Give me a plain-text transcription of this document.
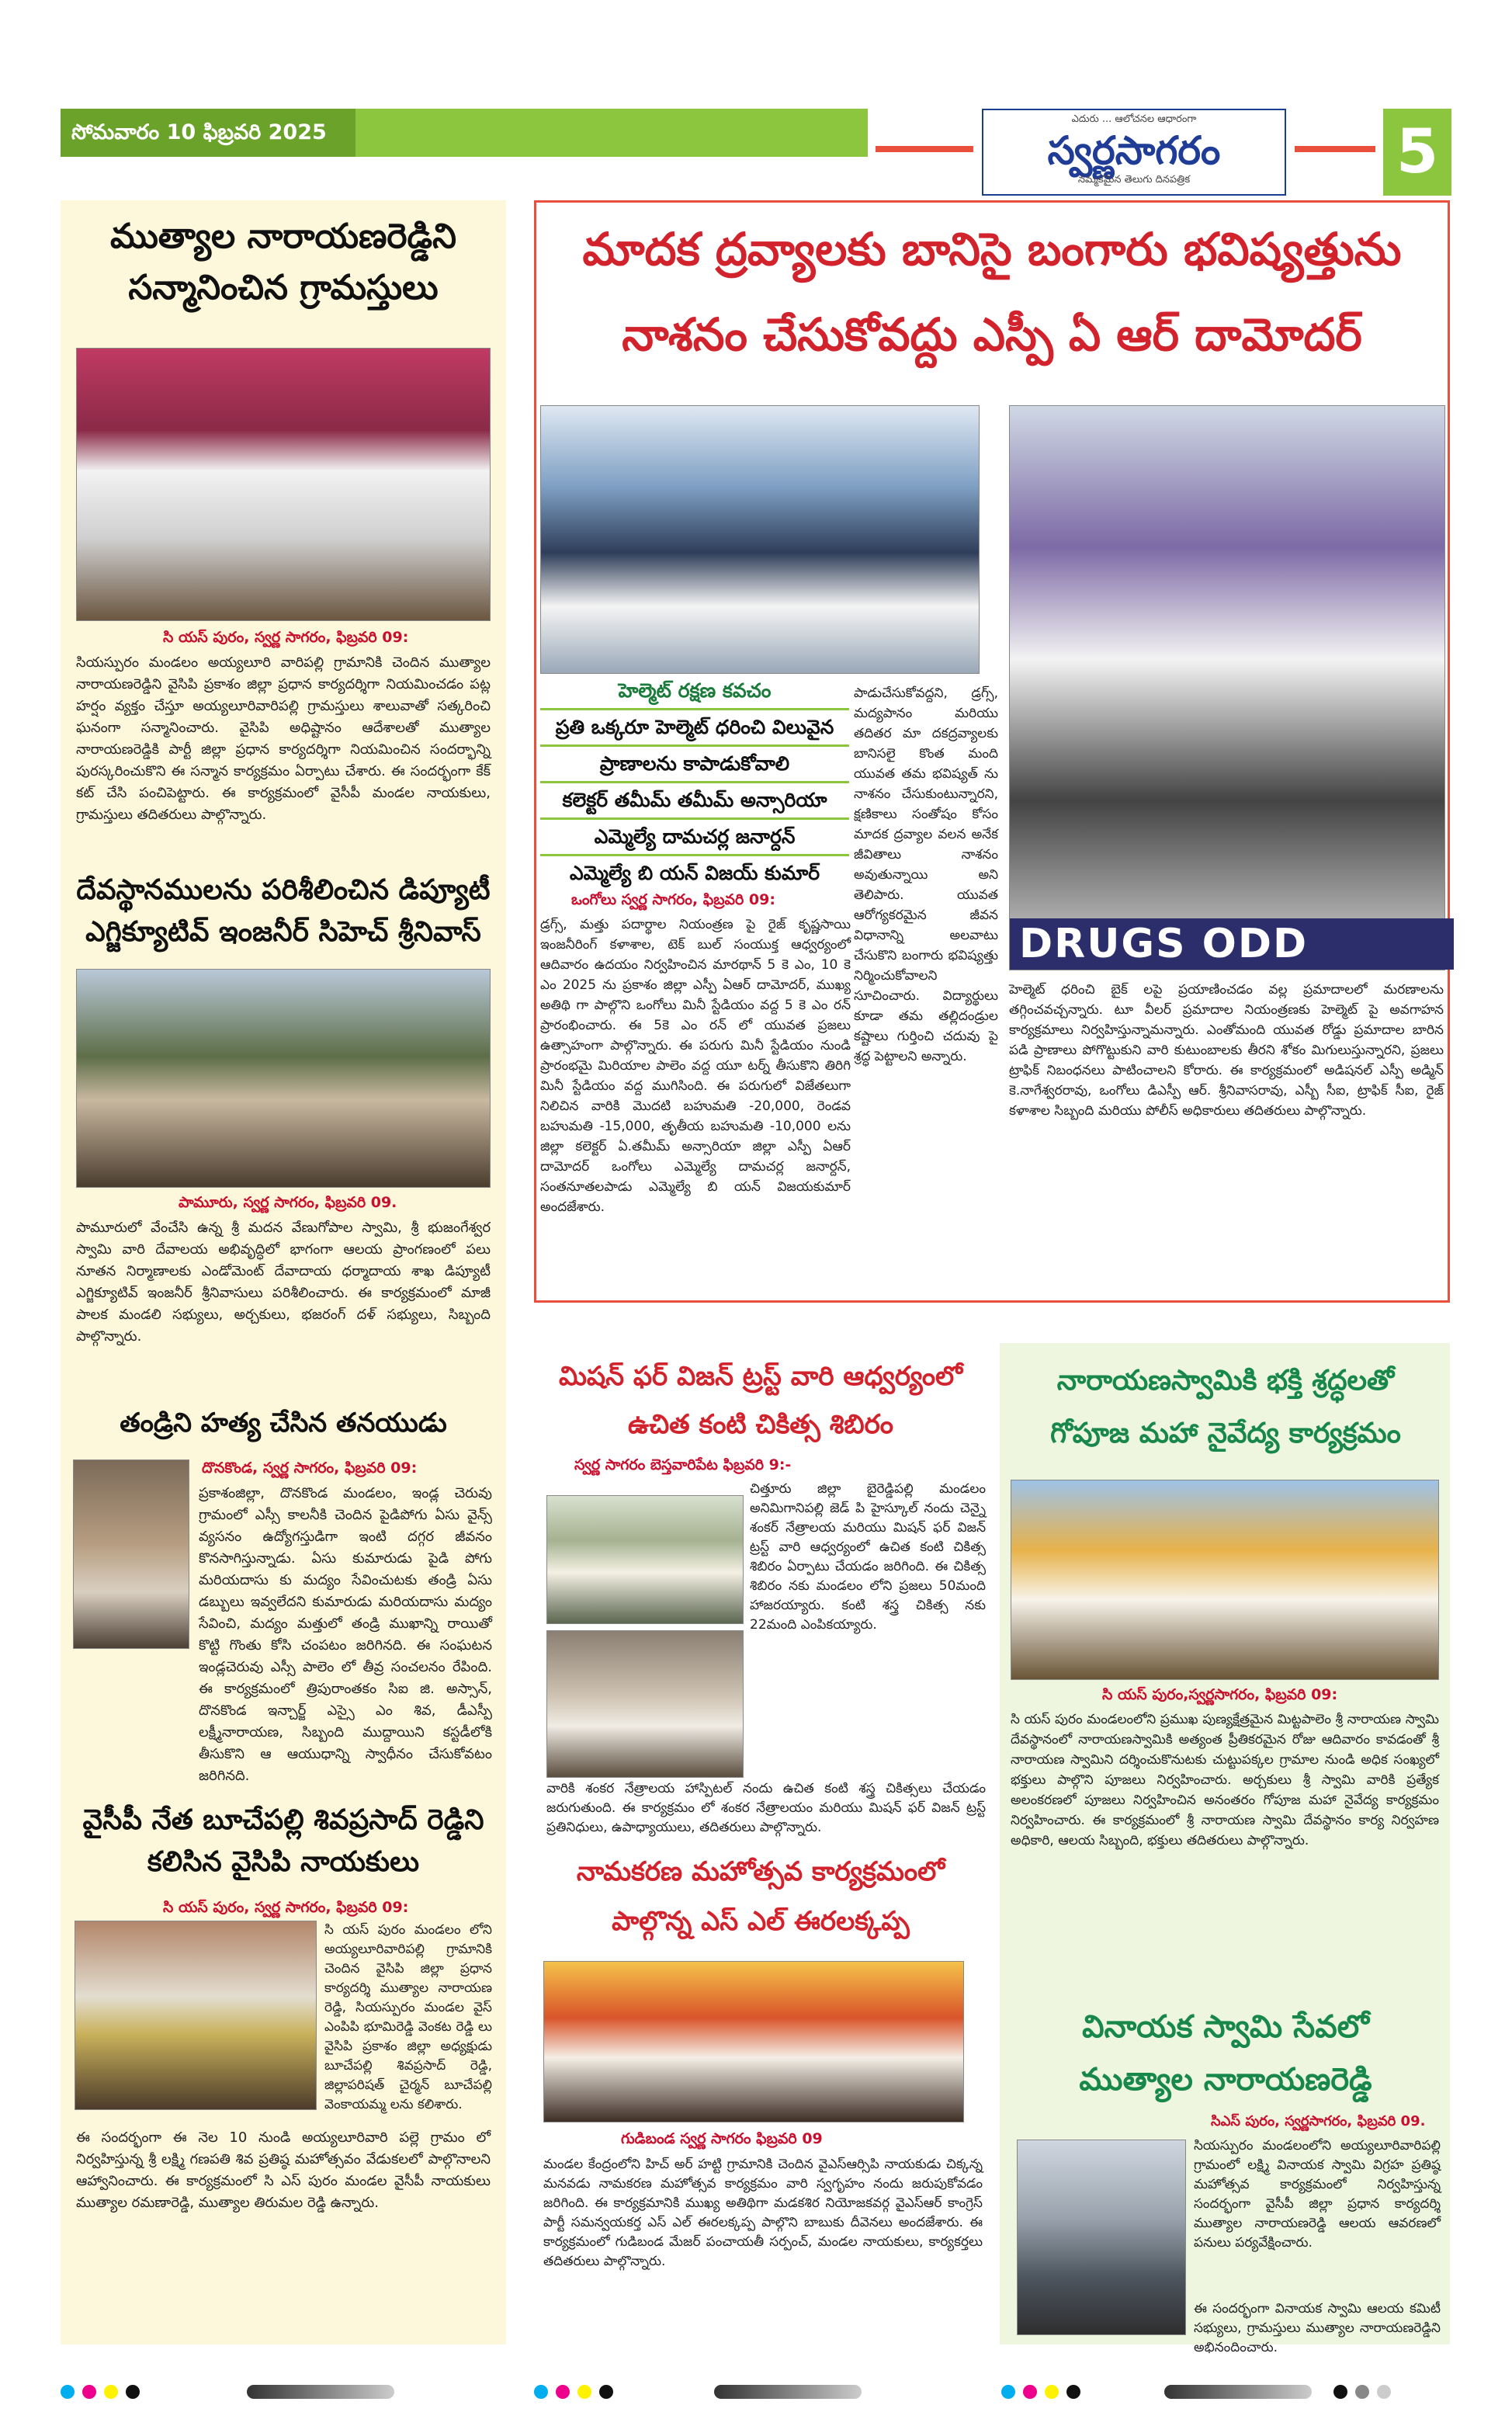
సోమవారం 10 ఫిబ్రవరి 2025
ఎదురు ... ఆలోచనల ఆధారంగా
స్వర్ణసాగరం
నమ్మకమైన తెలుగు దినపత్రిక	5
ముత్యాల నారాయణరెడ్డిని సన్మానించిన గ్రామస్తులు
సి యస్ పురం, స్వర్ణ సాగరం, ఫిబ్రవరి 09:
సియస్పురం మండలం అయ్యలూరి వారిపల్లి గ్రామానికి చెందిన ముత్యాల నారాయణరెడ్డిని వైసిపి ప్రకాశం జిల్లా ప్రధాన కార్యదర్శిగా నియమించడం పట్ల హర్షం వ్యక్తం చేస్తూ అయ్యలూరివారిపల్లి గ్రామస్తులు శాలువాతో సత్కరించి ఘనంగా సన్మానించారు. వైసిపి అధిష్టానం ఆదేశాలతో ముత్యాల నారాయణరెడ్డికి పార్టీ జిల్లా ప్రధాన కార్యదర్శిగా నియమించిన సందర్భాన్ని పురస్కరించుకొని ఈ సన్మాన కార్యక్రమం ఏర్పాటు చేశారు. ఈ సందర్భంగా కేక్ కట్ చేసి పంచిపెట్టారు. ఈ కార్యక్రమంలో వైసీపీ మండల నాయకులు, గ్రామస్తులు తదితరులు పాల్గొన్నారు.
దేవస్థానములను పరిశీలించిన డిప్యూటీ ఎగ్జిక్యూటివ్ ఇంజనీర్ సిహెచ్ శ్రీనివాస్
పామూరు, స్వర్ణ సాగరం, ఫిబ్రవరి 09.
పామూరులో వేంచేసి ఉన్న శ్రీ మదన వేణుగోపాల స్వామి, శ్రీ భుజంగేశ్వర స్వామి వారి దేవాలయ అభివృద్ధిలో భాగంగా ఆలయ ప్రాంగణంలో పలు నూతన నిర్మాణాలకు ఎండోమెంట్ దేవాదాయ ధర్మాదాయ శాఖ డిప్యూటీ ఎగ్జిక్యూటివ్ ఇంజనీర్ శ్రీనివాసులు పరిశీలించారు. ఈ కార్యక్రమంలో మాజీ పాలక మండలి సభ్యులు, అర్చకులు, భజరంగ్ దళ్ సభ్యులు, సిబ్బంది పాల్గొన్నారు.
తండ్రిని హత్య చేసిన తనయుడు
దొనకొండ, స్వర్ణ సాగరం, ఫిబ్రవరి 09:
ప్రకాశంజిల్లా, దొనకొండ మండలం, ఇండ్ల చెరువు గ్రామంలో ఎస్సీ కాలనీకి చెందిన పైడిపోగు ఏసు వైన్స్ వ్యసనం ఉద్యోగస్తుడిగా ఇంటి దగ్గర జీవనం కొనసాగిస్తున్నాడు. ఏసు కుమారుడు పైడి పోగు మరియదాసు కు మద్యం సేవించుటకు తండ్రి ఏసు డబ్బులు ఇవ్వలేదని కుమారుడు మరియదాసు మద్యం సేవించి, మద్యం మత్తులో తండ్రి ముఖాన్ని రాయితో కొట్టి గొంతు కోసి చంపటం జరిగినది. ఈ సంఘటన ఇండ్లచెరువు ఎస్సీ పాలెం లో తీవ్ర సంచలనం రేపింది. ఈ కార్యక్రమంలో త్రిపురాంతకం సిఐ జి. అస్సాన్, దొనకొండ ఇన్చార్జ్ ఎస్సై ఎం శివ, డీఎస్పీ లక్ష్మీనారాయణ, సిబ్బంది ముద్దాయిని కస్టడీలోకి తీసుకొని ఆ ఆయుధాన్ని స్వాధీనం చేసుకోవటం జరిగినది.
వైసీపీ నేత బూచేపల్లి శివప్రసాద్ రెడ్డిని కలిసిన వైసిపి నాయకులు
సి యస్ పురం, స్వర్ణ సాగరం, ఫిబ్రవరి 09:
సి యస్ పురం మండలం లోని అయ్యలూరివారిపల్లి గ్రామానికి చెందిన వైసిపి జిల్లా ప్రధాన కార్యదర్శి ముత్యాల నారాయణ రెడ్డి, సియస్పురం మండల వైస్ ఎంపిపి భూమిరెడ్డి వెంకట రెడ్డి లు వైసిపి ప్రకాశం జిల్లా అధ్యక్షుడు బూచేపల్లి శివప్రసాద్ రెడ్డి, జిల్లాపరిషత్ చైర్మన్ బూచేపల్లి వెంకాయమ్మ లను కలిశారు.
ఈ సందర్భంగా ఈ నెల 10 నుండి అయ్యలూరివారి పల్లె గ్రామం లో నిర్వహిస్తున్న శ్రీ లక్ష్మి గణపతి శివ ప్రతిష్ఠ మహోత్సవం వేడుకలలో పాల్గొనాలని ఆహ్వానించారు. ఈ కార్యక్రమంలో సి ఎస్ పురం మండల వైసీపీ నాయకులు ముత్యాల రమణారెడ్డి, ముత్యాల తిరుమల రెడ్డి ఉన్నారు.
మాదక ద్రవ్యాలకు బానిసై బంగారు భవిష్యత్తును
నాశనం చేసుకోవద్దు ఎస్పీ ఏ ఆర్ దామోదర్
DRUGS ODD
హెల్మెట్ రక్షణ కవచం
ప్రతి ఒక్కరూ హెల్మెట్ ధరించి విలువైన
ప్రాణాలను కాపాడుకోవాలి
కలెక్టర్ తమీమ్ తమీమ్ అన్సారియా
ఎమ్మెల్యే దామచర్ల జనార్దన్
ఎమ్మెల్యే బి యన్ విజయ్ కుమార్
ఒంగోలు స్వర్ణ సాగరం, ఫిబ్రవరి 09:
డ్రగ్స్, మత్తు పదార్థాల నియంత్రణ పై రైజ్ కృష్ణసాయి ఇంజనీరింగ్ కళాశాల, టెక్ బుల్ సంయుక్త ఆధ్వర్యంలో ఆదివారం ఉదయం నిర్వహించిన మారథాన్ 5 కె ఎం, 10 కె ఎం 2025 ను ప్రకాశం జిల్లా ఎస్పీ ఏఆర్ దామోదర్, ముఖ్య అతిథి గా పాల్గొని ఒంగోలు మినీ స్టేడియం వద్ద 5 కె ఎం రన్ ప్రారంభించారు. ఈ 5కె ఎం రన్ లో యువత ప్రజలు ఉత్సాహంగా పాల్గొన్నారు. ఈ పరుగు మినీ స్టేడియం నుండి ప్రారంభమై మిరియాల పాలెం వద్ద యూ టర్న్ తీసుకొని తిరిగి మినీ స్టేడియం వద్ద ముగిసింది. ఈ పరుగులో విజేతలుగా నిలిచిన వారికి మొదటి బహుమతి -20,000, రెండవ బహుమతి -15,000, తృతీయ బహుమతి -10,000 లను జిల్లా కలెక్టర్ ఏ.తమీమ్ అన్సారియా జిల్లా ఎస్పీ ఏఆర్ దామోదర్ ఒంగోలు ఎమ్మెల్యే దామచర్ల జనార్దన్, సంతనూతలపాడు ఎమ్మెల్యే బి యన్ విజయకుమార్ అందజేశారు.
పాడుచేసుకోవద్దని, డ్రగ్స్, మద్యపానం మరియు తదితర మా దకద్రవ్యాలకు బానిసలై కొంత మంది యువత తమ భవిష్యత్ ను నాశనం చేసుకుంటున్నారని, క్షణికాలు సంతోషం కోసం మాదక ద్రవ్యాల వలన అనేక జీవితాలు నాశనం అవుతున్నాయి అని తెలిపారు. యువత ఆరోగ్యకరమైన జీవన విధానాన్ని అలవాటు చేసుకొని బంగారు భవిష్యత్తు నిర్మించుకోవాలని సూచించారు. విద్యార్థులు కూడా తమ తల్లిదండ్రుల కష్టాలు గుర్తించి చదువు పై శ్రద్ధ పెట్టాలని అన్నారు.
హెల్మెట్ ధరించి బైక్ లపై ప్రయాణించడం వల్ల ప్రమాదాలలో మరణాలను తగ్గించవచ్చన్నారు. టూ వీలర్ ప్రమాదాల నియంత్రణకు హెల్మెట్ పై అవగాహన కార్యక్రమాలు నిర్వహిస్తున్నామన్నారు. ఎంతోమంది యువత రోడ్డు ప్రమాదాల బారిన పడి ప్రాణాలు పోగొట్టుకుని వారి కుటుంబాలకు తీరని శోకం మిగులుస్తున్నారని, ప్రజలు ట్రాఫిక్ నిబంధనలు పాటించాలని కోరారు. ఈ కార్యక్రమంలో అడిషనల్ ఎస్పీ అడ్మిన్ కె.నాగేశ్వరరావు, ఒంగోలు డిఎస్పీ ఆర్. శ్రీనివాసరావు, ఎస్బీ సీఐ, ట్రాఫిక్ సీఐ, రైజ్ కళాశాల సిబ్బంది మరియు పోలీస్ అధికారులు తదితరులు పాల్గొన్నారు.
మిషన్ ఫర్ విజన్ ట్రస్ట్ వారి ఆధ్వర్యంలో
ఉచిత కంటి చికిత్స శిబిరం
స్వర్ణ సాగరం బెస్తవారిపేట ఫిబ్రవరి 9:-
చిత్తూరు జిల్లా బైరెడ్డిపల్లి మండలం అనిమిగానిపల్లి జెడ్ పి హైస్కూల్ నందు చెన్నై శంకర్ నేత్రాలయ మరియు మిషన్ ఫర్ విజన్ ట్రస్ట్ వారి ఆధ్వర్యంలో ఉచిత కంటి చికిత్స శిబిరం ఏర్పాటు చేయడం జరిగింది. ఈ చికిత్స శిబిరం నకు మండలం లోని ప్రజలు 50మంది హాజరయ్యారు. కంటి శస్త్ర చికిత్స నకు 22మంది ఎంపికయ్యారు.
వారికి శంకర నేత్రాలయ హాస్పిటల్ నందు ఉచిత కంటి శస్త్ర చికిత్సలు చేయడం జరుగుతుంది. ఈ కార్యక్రమం లో శంకర నేత్రాలయం మరియు మిషన్ ఫర్ విజన్ ట్రస్ట్ ప్రతినిధులు, ఉపాధ్యాయులు, తదితరులు పాల్గొన్నారు.
నామకరణ మహోత్సవ కార్యక్రమంలో
పాల్గొన్న ఎస్ ఎల్ ఈరలక్కప్ప
గుడిబండ స్వర్ణ సాగరం ఫిబ్రవరి 09
మండల కేంద్రంలోని హిచ్ అర్ హట్టి గ్రామానికి చెందిన వైఎస్ఆర్సిపి నాయకుడు చిక్కన్న మనవడు నామకరణ మహోత్సవ కార్యక్రమం వారి స్వగృహం నందు జరుపుకోవడం జరిగింది. ఈ కార్యక్రమానికి ముఖ్య అతిథిగా మడకశిర నియోజకవర్గ వైఎస్ఆర్ కాంగ్రెస్ పార్టీ సమన్వయకర్త ఎస్ ఎల్ ఈరలక్కప్ప పాల్గొని బాబుకు దీవెనలు అందజేశారు. ఈ కార్యక్రమంలో గుడిబండ మేజర్ పంచాయతీ సర్పంచ్, మండల నాయకులు, కార్యకర్తలు తదితరులు పాల్గొన్నారు.
నారాయణస్వామికి భక్తి శ్రద్ధలతో
గోపూజ మహా నైవేద్య కార్యక్రమం
సి యస్ పురం,స్వర్ణసాగరం, ఫిబ్రవరి 09:
సి యస్ పురం మండలంలోని ప్రముఖ పుణ్యక్షేత్రమైన మిట్టపాలెం శ్రీ నారాయణ స్వామి దేవస్థానంలో నారాయణస్వామికి అత్యంత ప్రీతికరమైన రోజు ఆదివారం కావడంతో శ్రీ నారాయణ స్వామిని దర్శించుకొనుటకు చుట్టుపక్కల గ్రామాల నుండి అధిక సంఖ్యలో భక్తులు పాల్గొని పూజలు నిర్వహించారు. అర్చకులు శ్రీ స్వామి వారికి ప్రత్యేక అలంకరణలో పూజలు నిర్వహించిన అనంతరం గోపూజ మహా నైవేద్య కార్యక్రమం నిర్వహించారు. ఈ కార్యక్రమంలో శ్రీ నారాయణ స్వామి దేవస్థానం కార్య నిర్వహణ అధికారి, ఆలయ సిబ్బంది, భక్తులు తదితరులు పాల్గొన్నారు.
వినాయక స్వామి సేవలో
ముత్యాల నారాయణరెడ్డి
సిఎస్ పురం, స్వర్ణసాగరం, ఫిబ్రవరి 09.
సియస్పురం మండలంలోని అయ్యలూరివారిపల్లి గ్రామంలో లక్ష్మి వినాయక స్వామి విగ్రహ ప్రతిష్ఠ మహోత్సవ కార్యక్రమంలో నిర్వహిస్తున్న సందర్భంగా వైసీపీ జిల్లా ప్రధాన కార్యదర్శి ముత్యాల నారాయణరెడ్డి ఆలయ ఆవరణలో పనులు పర్యవేక్షించారు.
ఈ సందర్భంగా వినాయక స్వామి ఆలయ కమిటీ సభ్యులు, గ్రామస్తులు ముత్యాల నారాయణరెడ్డిని అభినందించారు.
